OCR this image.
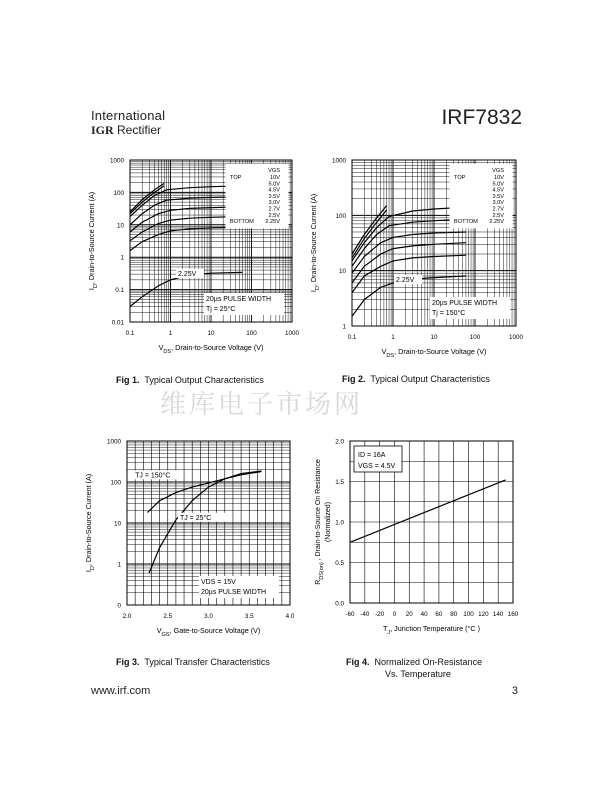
International
IGR Rectifier
IRF7832
维库电子市场网
Fig 1. Typical Output Characteristics	Fig 2. Typical Output Characteristics
Fig 3. Typical Transfer Characteristics	Fig 4. Normalized On-Resistance
Vs. Temperature
www.irf.com	3
0.1	1	10	100	1000
0.01
0.1
1
10
100
1000
$V_{DS}$, Drain-to-Source Voltage (V)
$I_D$, Drain-to-Source Current (A)
VGS
TOP	10V
5.0V
4.5V
3.5V
3.0V
2.7V
2.5V
BOTTOM 2.25V
2.25V
20µs PULSE WIDTH
Tj = 25°C
0.1	1	10	100	1000
1
10
100
1000
$V_{DS}$, Drain-to-Source Voltage (V)
$I_D$, Drain-to-Source Current (A)
VGS
TOP	10V
5.0V
4.5V
3.5V
3.0V
2.7V
2.5V
BOTTOM 2.25V
2.25V
20µs PULSE WIDTH
Tj = 150°C
2.0	2.5	3.0	3.5	4.0
0
1
10
100
1000
$V_{GS}$, Gate-to-Source Voltage (V)
$I_D$, Drain-to-Source Current (Α)	TJ = 150°C
TJ = 25°C
VDS = 15V
20µs PULSE WIDTH
-60 -40 -20 0 20 40 60 80 100 120 140 160
0.0
0.5
1.0
1.5
2.0
$T_J$, Junction Temperature (°C )
$R_{DS(on)}$ , Drain-to-Source On Resistance (Normalized)
ID = 16A
VGS = 4.5V
